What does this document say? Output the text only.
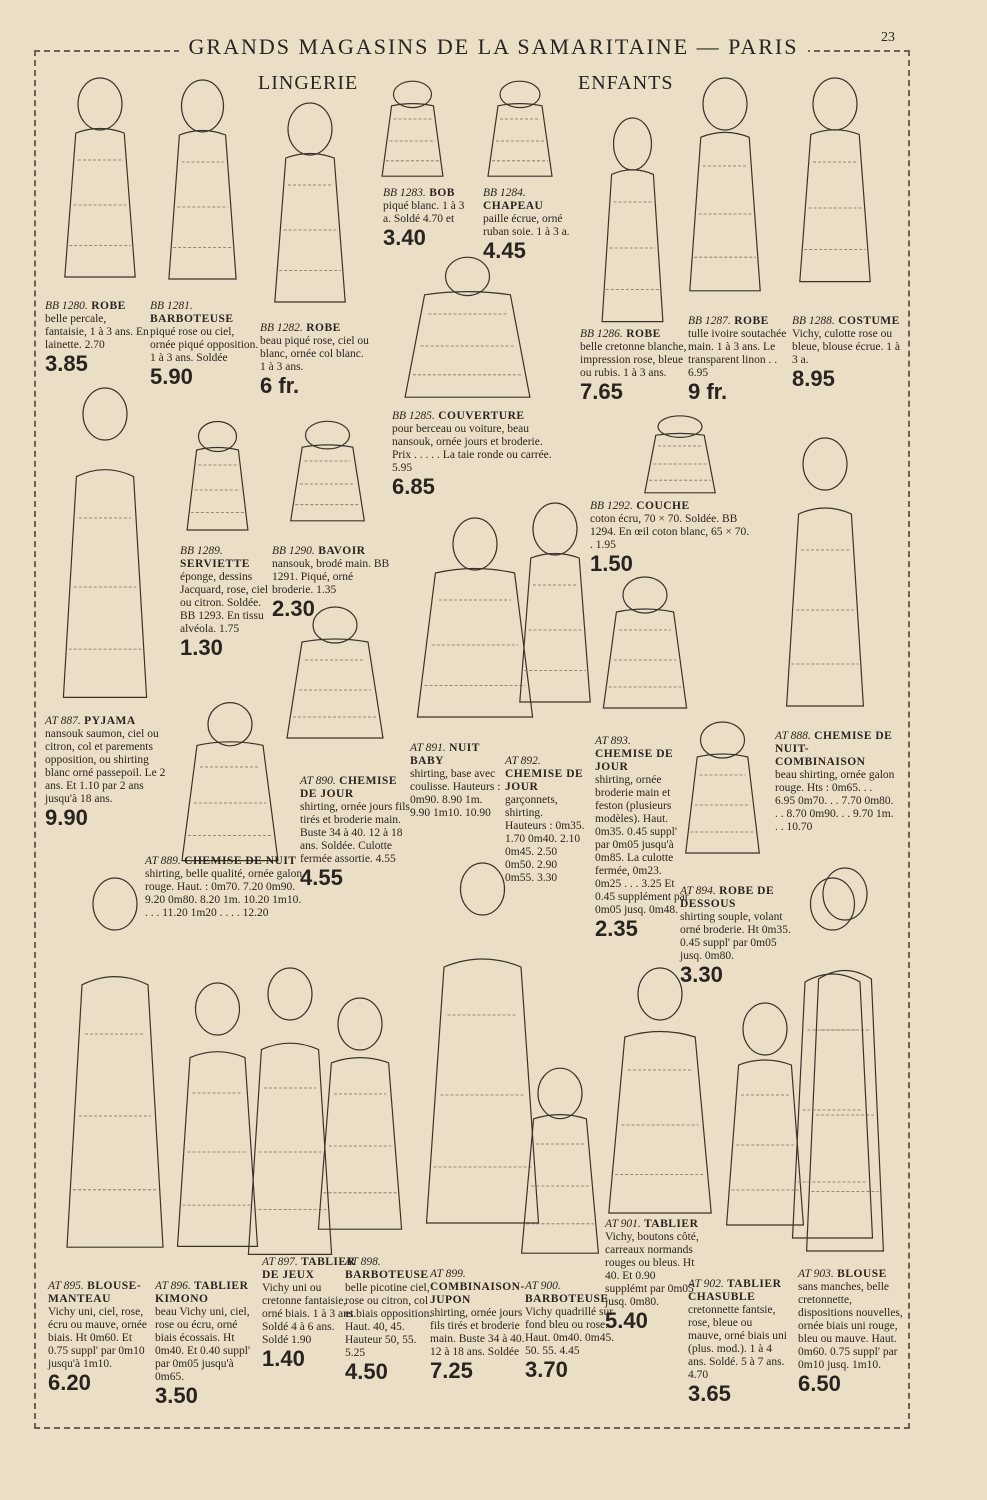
GRANDS MAGASINS DE LA SAMARITAINE — PARIS	23
LINGERIE	ENFANTS
BB 1280. ROBE
belle percale, fantaisie, 1 à 3 ans. En lainette. 2.70
3.85
BB 1281. BARBOTEUSE
piqué rose ou ciel, ornée piqué opposition. 1 à 3 ans. Soldée
5.90
BB 1282. ROBE
beau piqué rose, ciel ou blanc, ornée col blanc. 1 à 3 ans.
6 fr.
BB 1283. BOB
piqué blanc. 1 à 3 a. Soldé 4.70 et
3.40
BB 1284. CHAPEAU
paille écrue, orné ruban soie. 1 à 3 a.
4.45
BB 1286. ROBE
belle cretonne blanche, impression rose, bleue ou rubis. 1 à 3 ans.
7.65
BB 1287. ROBE
tulle ivoire soutachée main. 1 à 3 ans. Le transparent linon . . 6.95
9 fr.
BB 1288. COSTUME
Vichy, culotte rose ou bleue, blouse écrue. 1 à 3 a.
8.95
BB 1285. COUVERTURE
pour berceau ou voiture, beau nansouk, ornée jours et broderie. Prix . . . . . La taie ronde ou carrée. 5.95
6.85
BB 1289. SERVIETTE
éponge, dessins Jacquard, rose, ciel ou citron. Soldée. BB 1293. En tissu alvéola. 1.75
1.30
BB 1290. BAVOIR
nansouk, brodé main. BB 1291. Piqué, orné broderie. 1.35
2.30
BB 1292. COUCHE
coton écru, 70 × 70. Soldée. BB 1294. En œil coton blanc, 65 × 70. . 1.95
1.50
AT 887. PYJAMA
nansouk saumon, ciel ou citron, col et parements opposition, ou shirting blanc orné passepoil. Le 2 ans. Et 1.10 par 2 ans jusqu'à 18 ans.
9.90
AT 890. CHEMISE DE JOUR
shirting, ornée jours fils tirés et broderie main. Buste 34 à 40. 12 à 18 ans. Soldée. Culotte fermée assortie. 4.55
4.55
AT 891. NUIT BABY
shirting, base avec coulisse. Hauteurs : 0m90. 8.90 1m. 9.90 1m10. 10.90
AT 892. CHEMISE DE JOUR
garçonnets, shirting. Hauteurs : 0m35. 1.70 0m40. 2.10 0m45. 2.50 0m50. 2.90 0m55. 3.30
AT 893. CHEMISE DE JOUR
shirting, ornée broderie main et feston (plusieurs modèles). Haut. 0m35. 0.45 suppl' par 0m05 jusqu'à 0m85. La culotte fermée, 0m23. 0m25 . . . 3.25 Et 0.45 supplément par 0m05 jusq. 0m48.
2.35
AT 888. CHEMISE DE NUIT-COMBINAISON
beau shirting, ornée galon rouge. Hts : 0m65. . . 6.95 0m70. . . 7.70 0m80. . . 8.70 0m90. . . 9.70 1m. . . 10.70
AT 889. CHEMISE DE NUIT
shirting, belle qualité, ornée galon rouge. Haut. : 0m70. 7.20 0m90. 9.20 0m80. 8.20 1m. 10.20 1m10. . . . 11.20 1m20 . . . . 12.20
AT 894. ROBE DE DESSOUS
shirting souple, volant orné broderie. Ht 0m35. 0.45 suppl' par 0m05 jusq. 0m80.
3.30
AT 895. BLOUSE-MANTEAU
Vichy uni, ciel, rose, écru ou mauve, ornée biais. Ht 0m60. Et 0.75 suppl' par 0m10 jusqu'à 1m10.
6.20
AT 896. TABLIER KIMONO
beau Vichy uni, ciel, rose ou écru, orné biais écossais. Ht 0m40. Et 0.40 suppl' par 0m05 jusqu'à 0m65.
3.50
AT 897. TABLIER DE JEUX
Vichy uni ou cretonne fantaisie, orné biais. 1 à 3 ans. Soldé 4 à 6 ans. Soldé 1.90
1.40
AT 898. BARBOTEUSE
belle picotine ciel, rose ou citron, col et biais opposition. Haut. 40, 45. Hauteur 50, 55. 5.25
4.50
AT 899. COMBINAISON-JUPON
shirting, ornée jours fils tirés et broderie main. Buste 34 à 40. 12 à 18 ans. Soldée
7.25
AT 900. BARBOTEUSE
Vichy quadrillé sur fond bleu ou rose. Haut. 0m40. 0m45. 50. 55. 4.45
3.70
AT 901. TABLIER
Vichy, boutons côté, carreaux normands rouges ou bleus. Ht 40. Et 0.90 supplémt par 0m05 jusq. 0m80.
5.40
AT 902. TABLIER CHASUBLE
cretonnette fantsie, rose, bleue ou mauve, orné biais uni (plus. mod.). 1 à 4 ans. Soldé. 5 à 7 ans. 4.70
3.65
AT 903. BLOUSE
sans manches, belle cretonnette, dispositions nouvelles, ornée biais uni rouge, bleu ou mauve. Haut. 0m60. 0.75 suppl' par 0m10 jusq. 1m10.
6.50
